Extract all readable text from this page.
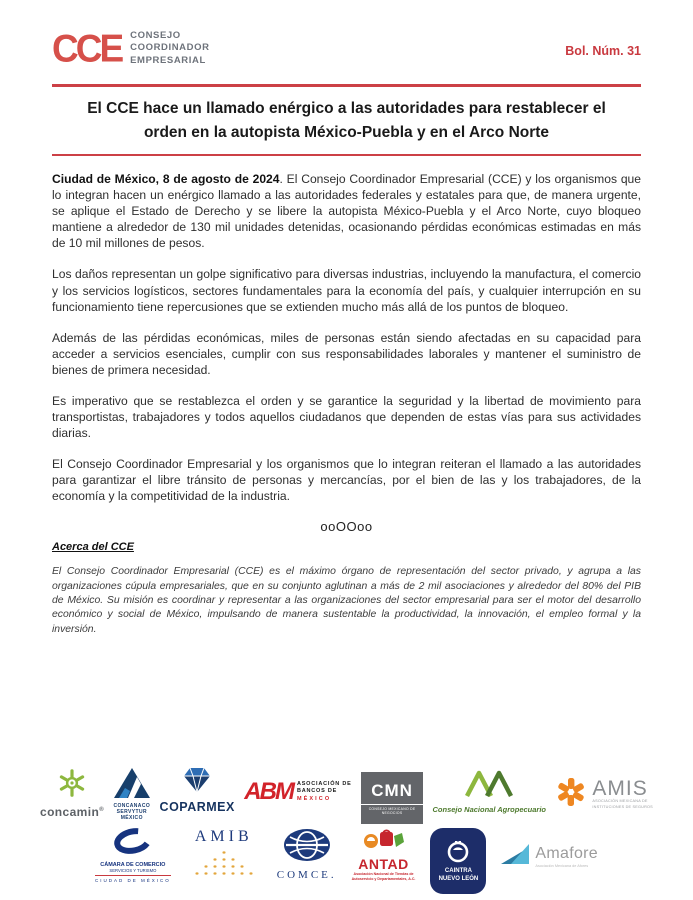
CCE CONSEJO
COORDINADOR
EMPRESARIAL
Bol. Núm. 31
El CCE hace un llamado enérgico a las autoridades para restablecer el orden en la autopista México-Puebla y en el Arco Norte

Ciudad de México, 8 de agosto de 2024. El Consejo Coordinador Empresarial (CCE) y los organismos que lo integran hacen un enérgico llamado a las autoridades federales y estatales para que, de manera urgente, se aplique el Estado de Derecho y se libere la autopista México-Puebla y el Arco Norte, cuyo bloqueo mantiene a alrededor de 130 mil unidades detenidas, ocasionando pérdidas económicas estimadas en más de 10 mil millones de pesos.

Los daños representan un golpe significativo para diversas industrias, incluyendo la manufactura, el comercio y los servicios logísticos, sectores fundamentales para la economía del país, y cualquier interrupción en su funcionamiento tiene repercusiones que se extienden mucho más allá de los puntos de bloqueo.

Además de las pérdidas económicas, miles de personas están siendo afectadas en su capacidad para acceder a servicios esenciales, cumplir con sus responsabilidades laborales y mantener el suministro de bienes de primera necesidad.

Es imperativo que se restablezca el orden y se garantice la seguridad y la libertad de movimiento para transportistas, trabajadores y todos aquellos ciudadanos que dependen de estas vías para sus actividades diarias.

El Consejo Coordinador Empresarial y los organismos que lo integran reiteran el llamado a las autoridades para garantizar el libre tránsito de personas y mercancías, por el bien de las y los trabajadores, de la economía y la competitividad de la industria.

ooOOoo
Acerca del CCE

El Consejo Coordinador Empresarial (CCE) es el máximo órgano de representación del sector privado, y agrupa a las organizaciones cúpula empresariales, que en su conjunto aglutinan a más de 2 mil asociaciones y alrededor del 80% del PIB de México. Su misión es coordinar y representar a las organizaciones del sector empresarial para ser el motor del desarrollo económico y social de México, impulsando de manera sustentable la productividad, la innovación, el empleo formal y la inversión.

concamin®
CONCANACO
SERVYTUR
MÉXICO
COPARMEX
ABM ASOCIACIÓN DE
BANCOS DE
MÉXICO	CMN
CONSEJO MEXICANO DE NEGOCIOS	Consejo Nacional Agropecuario
AMIS
ASOCIACIÓN MEXICANA DE
INSTITUCIONES DE SEGUROS
CÁMARA DE COMERCIO
SERVICIOS Y TURISMO
CIUDAD DE MÉXICO
AMIB
COMCE.
ANTAD
Asociación Nacional de Tiendas de
Autoservicio y Departamentales, A.C.
CAINTRA
NUEVO LEÓN
Amafore
Asociación Mexicana de Afores
